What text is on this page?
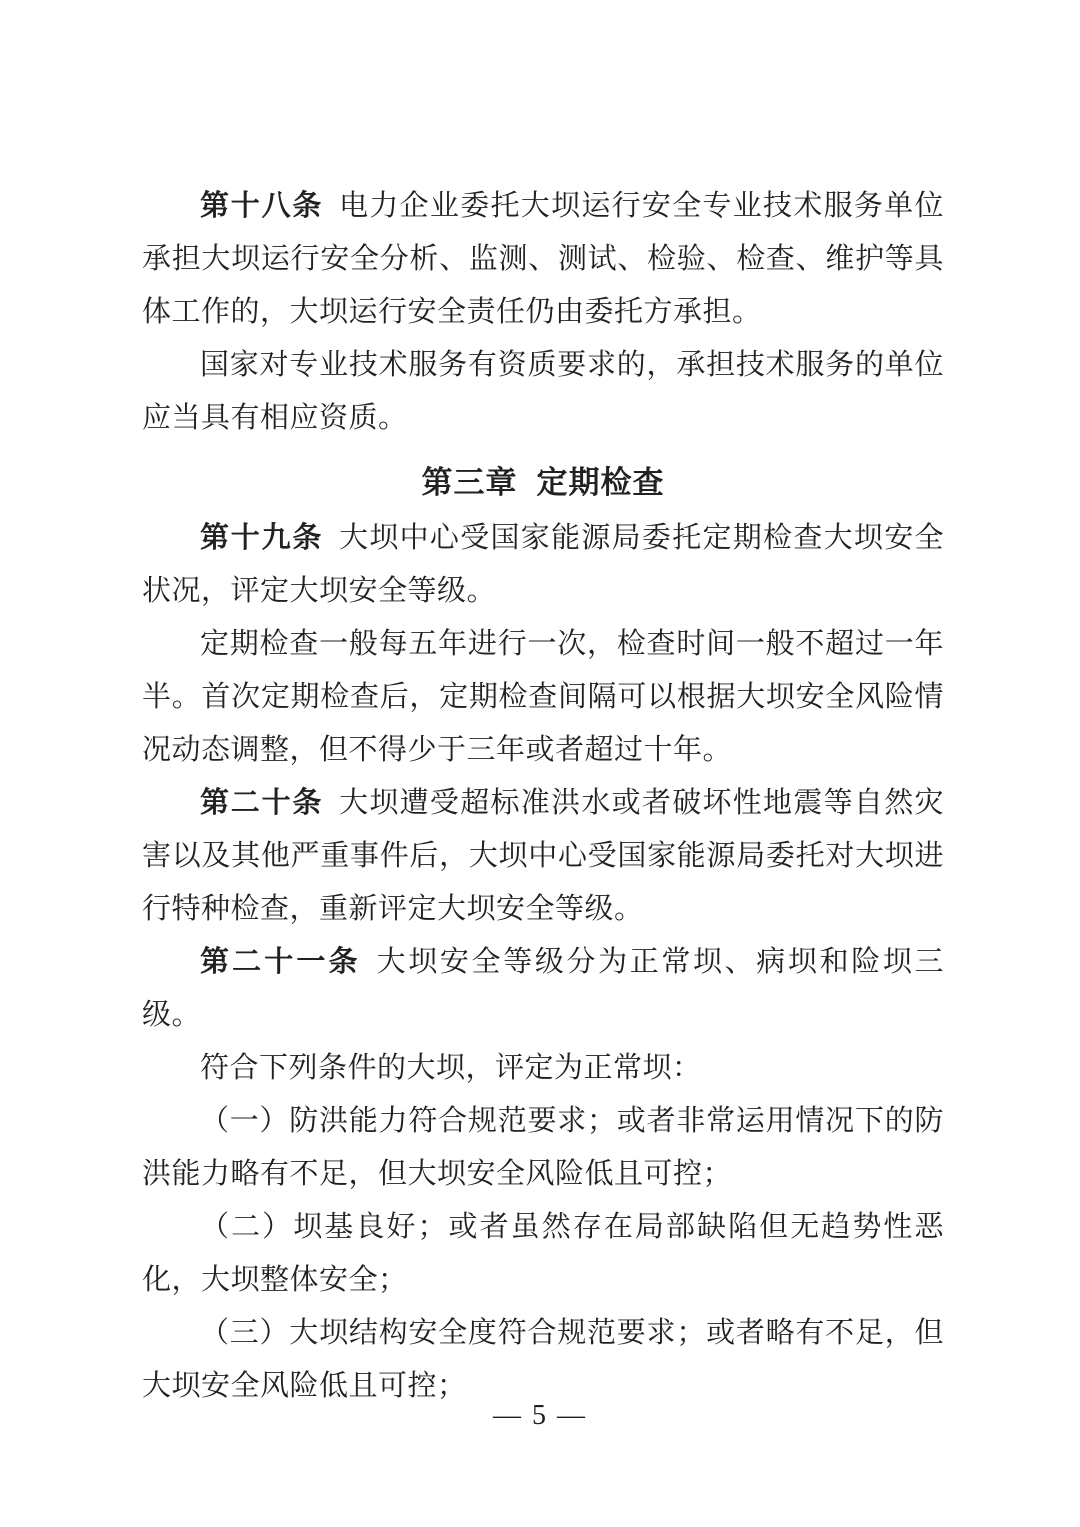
第十八条 电力企业委托大坝运行安全专业技术服务单位承担大坝运行安全分析、监测、测试、检验、检查、维护等具体工作的，大坝运行安全责任仍由委托方承担。

国家对专业技术服务有资质要求的，承担技术服务的单位应当具有相应资质。

第三章 定期检查

第十九条 大坝中心受国家能源局委托定期检查大坝安全状况，评定大坝安全等级。

定期检查一般每五年进行一次，检查时间一般不超过一年半。首次定期检查后，定期检查间隔可以根据大坝安全风险情况动态调整，但不得少于三年或者超过十年。

第二十条 大坝遭受超标准洪水或者破坏性地震等自然灾害以及其他严重事件后，大坝中心受国家能源局委托对大坝进行特种检查，重新评定大坝安全等级。

第二十一条 大坝安全等级分为正常坝、病坝和险坝三级。

符合下列条件的大坝，评定为正常坝：

（一）防洪能力符合规范要求；或者非常运用情况下的防洪能力略有不足，但大坝安全风险低且可控；

（二）坝基良好；或者虽然存在局部缺陷但无趋势性恶化，大坝整体安全；

（三）大坝结构安全度符合规范要求；或者略有不足，但大坝安全风险低且可控；

— 5 —
